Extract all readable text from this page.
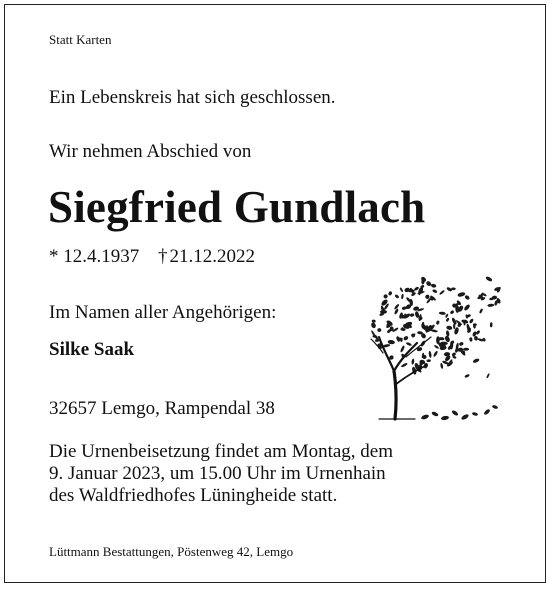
Statt Karten
Ein Lebenskreis hat sich geschlossen.
Wir nehmen Abschied von
Siegfried Gundlach
* 12.4.1937 † 21.12.2022
Im Namen aller Angehörigen:
Silke Saak
32657 Lemgo, Rampendal 38
Die Urnenbeisetzung findet am Montag, dem
9. Januar 2023, um 15.00 Uhr im Urnenhain
des Waldfriedhofes Lüningheide statt.
Lüttmann Bestattungen, Pöstenweg 42, Lemgo
